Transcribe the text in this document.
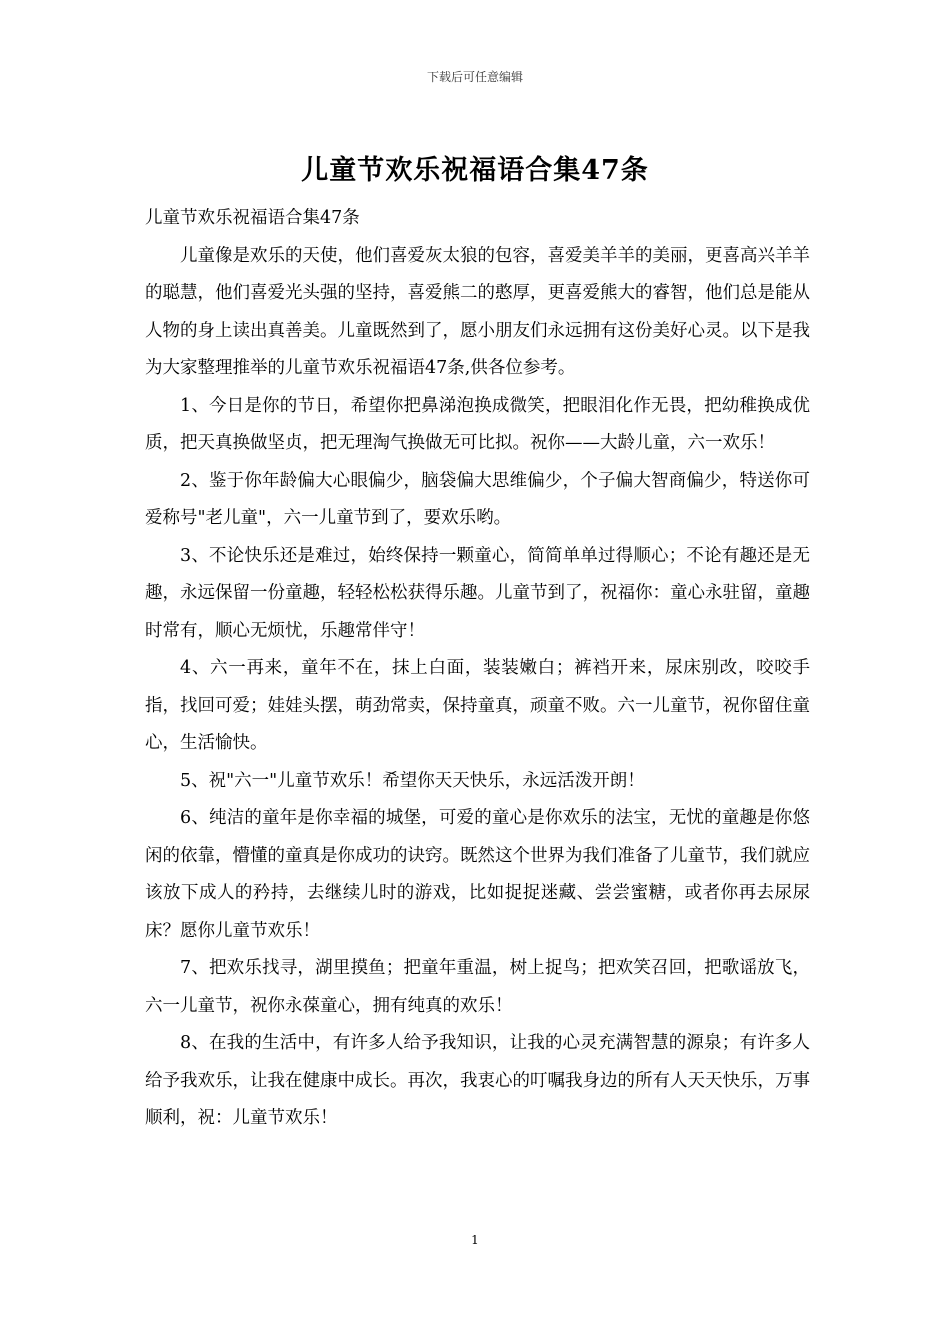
下载后可任意编辑
儿童节欢乐祝福语合集47条

儿童节欢乐祝福语合集47条

儿童像是欢乐的天使，他们喜爱灰太狼的包容，喜爱美羊羊的美丽，更喜高兴羊羊的聪慧，他们喜爱光头强的坚持，喜爱熊二的憨厚，更喜爱熊大的睿智，他们总是能从人物的身上读出真善美。儿童既然到了，愿小朋友们永远拥有这份美好心灵。以下是我为大家整理推举的儿童节欢乐祝福语47条,供各位参考。

1、今日是你的节日，希望你把鼻涕泡换成微笑，把眼泪化作无畏，把幼稚换成优质，把天真换做坚贞，把无理淘气换做无可比拟。祝你——大龄儿童，六一欢乐！

2、鉴于你年龄偏大心眼偏少，脑袋偏大思维偏少，个子偏大智商偏少，特送你可爱称号"老儿童"，六一儿童节到了，要欢乐哟。

3、不论快乐还是难过，始终保持一颗童心，简简单单过得顺心；不论有趣还是无趣，永远保留一份童趣，轻轻松松获得乐趣。儿童节到了，祝福你：童心永驻留，童趣时常有，顺心无烦忧，乐趣常伴守！

4、六一再来，童年不在，抹上白面，装装嫩白；裤裆开来，尿床别改，咬咬手指，找回可爱；娃娃头摆，萌劲常卖，保持童真，顽童不败。六一儿童节，祝你留住童心，生活愉快。

5、祝"六一"儿童节欢乐！希望你天天快乐，永远活泼开朗！

6、纯洁的童年是你幸福的城堡，可爱的童心是你欢乐的法宝，无忧的童趣是你悠闲的依靠，懵懂的童真是你成功的诀窍。既然这个世界为我们准备了儿童节，我们就应该放下成人的矜持，去继续儿时的游戏，比如捉捉迷藏、尝尝蜜糖，或者你再去尿尿床？愿你儿童节欢乐！

7、把欢乐找寻，湖里摸鱼；把童年重温，树上捉鸟；把欢笑召回，把歌谣放飞，六一儿童节，祝你永葆童心，拥有纯真的欢乐！

8、在我的生活中，有许多人给予我知识，让我的心灵充满智慧的源泉；有许多人给予我欢乐，让我在健康中成长。再次，我衷心的叮嘱我身边的所有人天天快乐，万事顺利，祝：儿童节欢乐！

1
